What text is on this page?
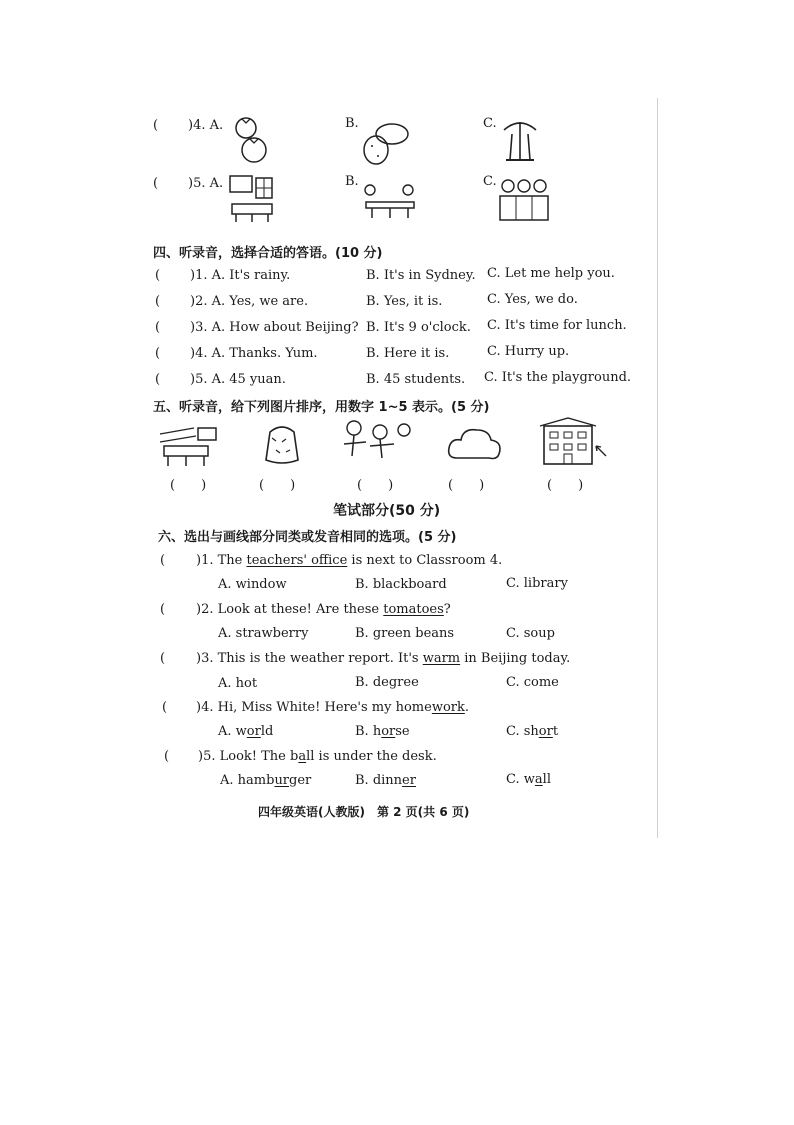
( )4. A.	B.	C.
( )5. A.	B.	C.
四、听录音，选择合适的答语。(10 分)
( )1. A. It's rainy.	B. It's in Sydney. C. Let me help you.
( )2. A. Yes, we are.	B. Yes, it is.	C. Yes, we do.
( )3. A. How about Beijing? B. It's 9 o'clock. C. It's time for lunch.
( )4. A. Thanks. Yum.	B. Here it is.	C. Hurry up.
( )5. A. 45 yuan.	B. 45 students. C. It's the playground.
五、听录音，给下列图片排序，用数字 1~5 表示。(5 分)
(　　)	(　　)	(　　)	(　　)	(　　)
笔试部分(50 分)
六、选出与画线部分同类或发音相同的选项。(5 分)
( )1. The teachers' office is next to Classroom 4.
A. window	B. blackboard	C. library
( )2. Look at these! Are these tomatoes?
A. strawberry	B. green beans	C. soup
( )3. This is the weather report. It's warm in Beijing today.
A. hot	B. degree	C. come
( )4. Hi, Miss White! Here's my homework.
A. world	B. horse	C. short
( )5. Look! The ball is under the desk.
A. hamburger	B. dinner	C. wall
四年级英语(人教版)　第 2 页(共 6 页)
